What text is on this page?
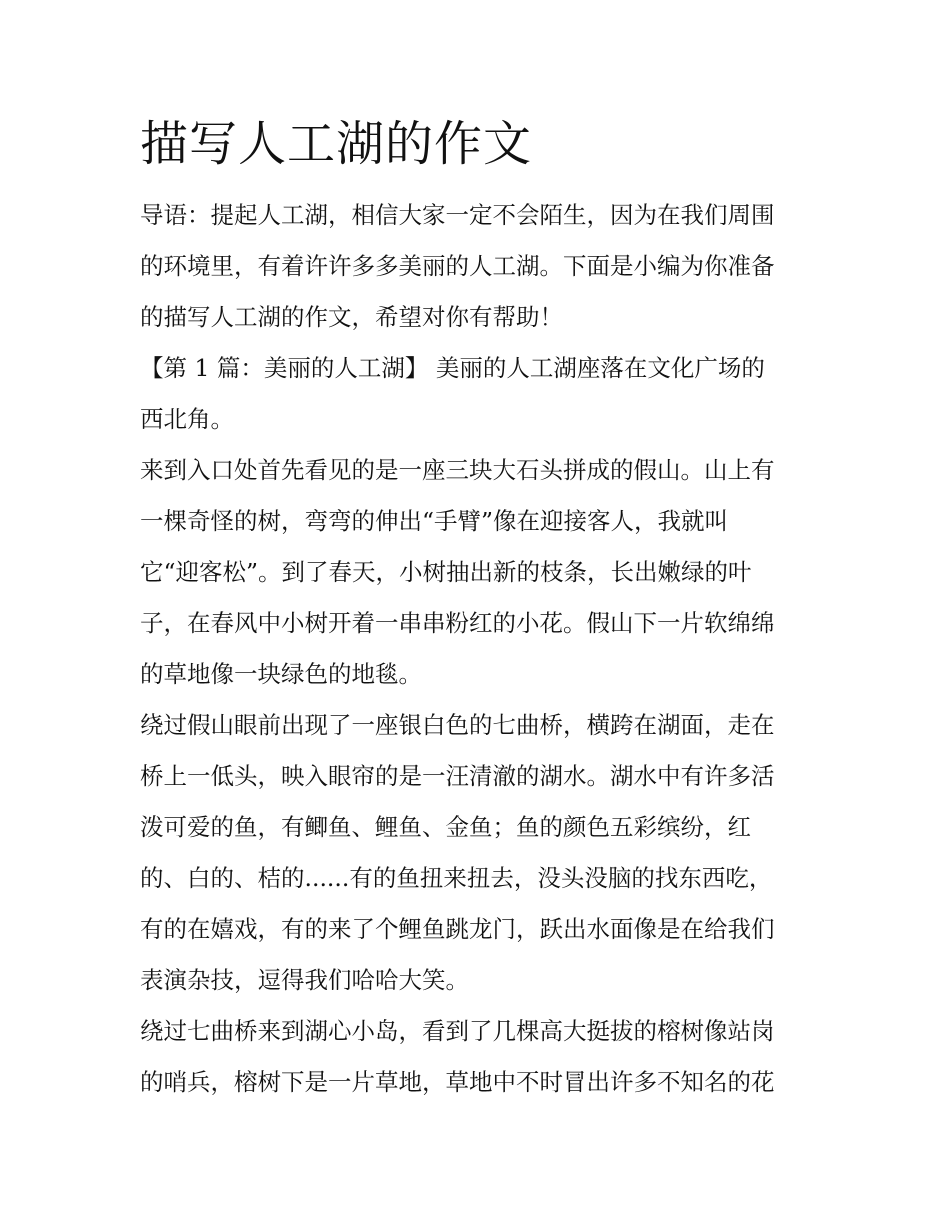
描写人工湖的作文

导语：提起人工湖，相信大家一定不会陌生，因为在我们周围

的环境里，有着许许多多美丽的人工湖。下面是小编为你准备

的描写人工湖的作文，希望对你有帮助！

【第 1 篇：美丽的人工湖】 美丽的人工湖座落在文化广场的

西北角。

来到入口处首先看见的是一座三块大石头拼成的假山。山上有

一棵奇怪的树，弯弯的伸出“手臂”像在迎接客人，我就叫

它“迎客松”。到了春天，小树抽出新的枝条，长出嫩绿的叶

子，在春风中小树开着一串串粉红的小花。假山下一片软绵绵

的草地像一块绿色的地毯。

绕过假山眼前出现了一座银白色的七曲桥，横跨在湖面，走在

桥上一低头，映入眼帘的是一汪清澈的湖水。湖水中有许多活

泼可爱的鱼，有鲫鱼、鲤鱼、金鱼；鱼的颜色五彩缤纷，红

的、白的、桔的......有的鱼扭来扭去，没头没脑的找东西吃，

有的在嬉戏，有的来了个鲤鱼跳龙门，跃出水面像是在给我们

表演杂技，逗得我们哈哈大笑。

绕过七曲桥来到湖心小岛，看到了几棵高大挺拔的榕树像站岗

的哨兵，榕树下是一片草地，草地中不时冒出许多不知名的花
